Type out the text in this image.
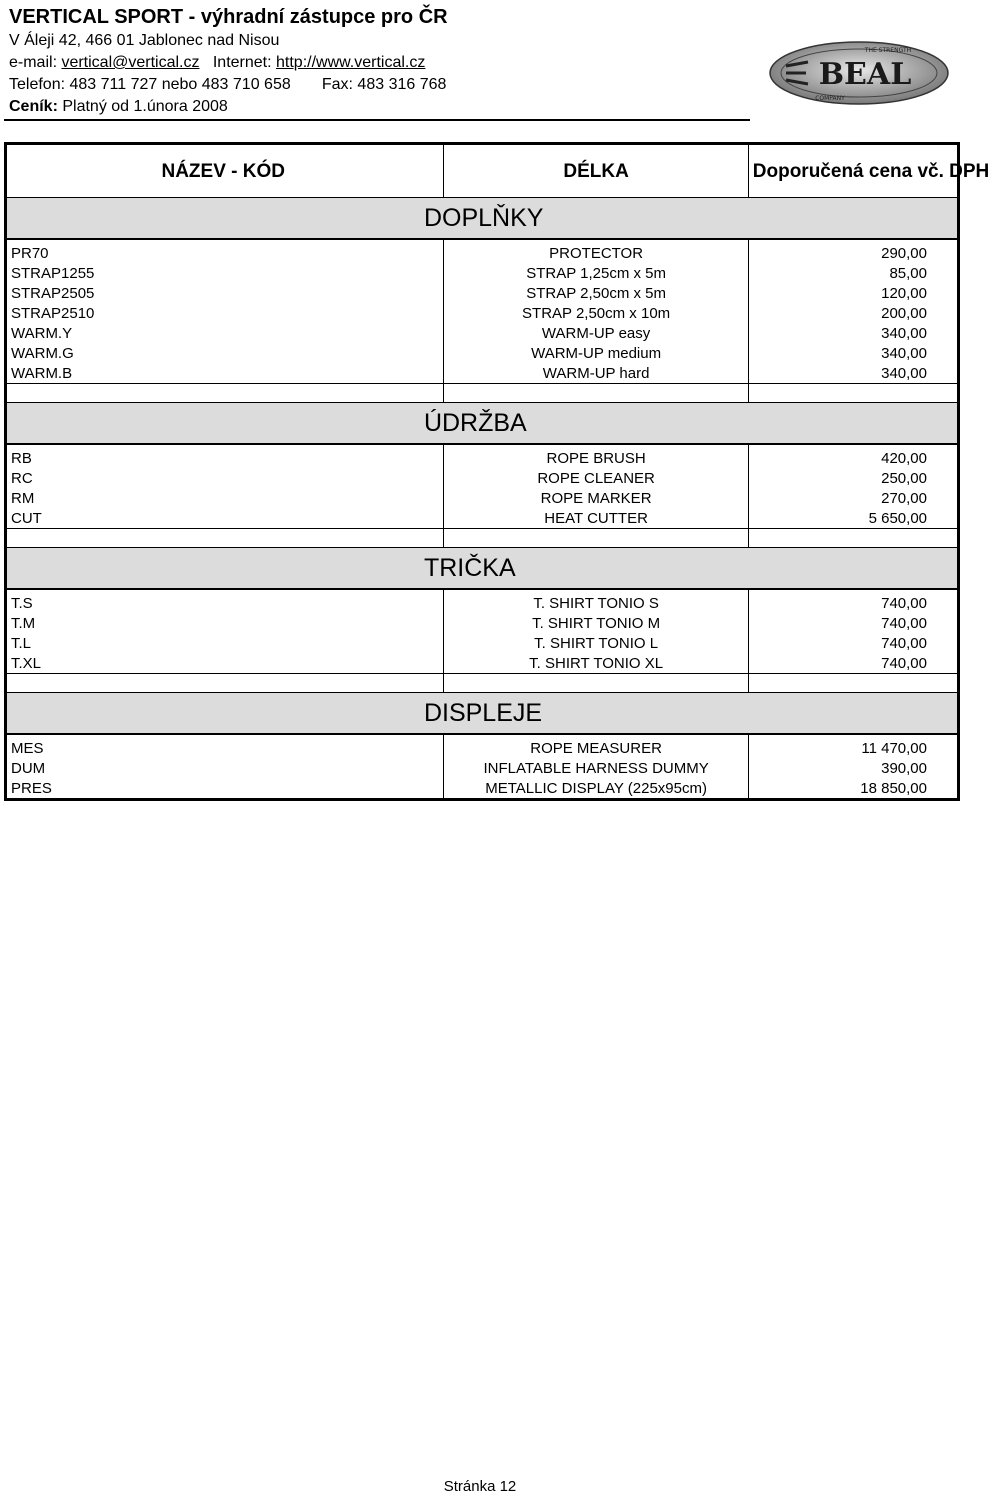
VERTICAL SPORT - výhradní zástupce pro ČR
V Áleji 42, 466 01 Jablonec nad Nisou
e-mail: vertical@vertical.cz Internet: http://www.vertical.cz
Telefon: 483 711 727 nebo 483 710 658 Fax: 483 316 768
Ceník: Platný od 1.února 2008
THE STRENGTH
BEAL
COMPANY
NÁZEV - KÓD	DÉLKA	Doporučená cena vč. DPH
	DOPLŇKY	
PR70	PROTECTOR	290,00
STRAP1255	STRAP 1,25cm x 5m	85,00
STRAP2505	STRAP 2,50cm x 5m	120,00
STRAP2510	STRAP 2,50cm x 10m	200,00
WARM.Y	WARM-UP easy	340,00
WARM.G	WARM-UP medium	340,00
WARM.B	WARM-UP hard	340,00

	ÚDRŽBA	
RB	ROPE BRUSH	420,00
RC	ROPE CLEANER	250,00
RM	ROPE MARKER	270,00
CUT	HEAT CUTTER	5 650,00

	TRIČKA	
T.S	T. SHIRT TONIO S	740,00
T.M	T. SHIRT TONIO M	740,00
T.L	T. SHIRT TONIO L	740,00
T.XL	T. SHIRT TONIO XL	740,00

	DISPLEJE	
MES	ROPE MEASURER	11 470,00
DUM	INFLATABLE HARNESS DUMMY	390,00
PRES	METALLIC DISPLAY (225x95cm)	18 850,00
Stránka 12
